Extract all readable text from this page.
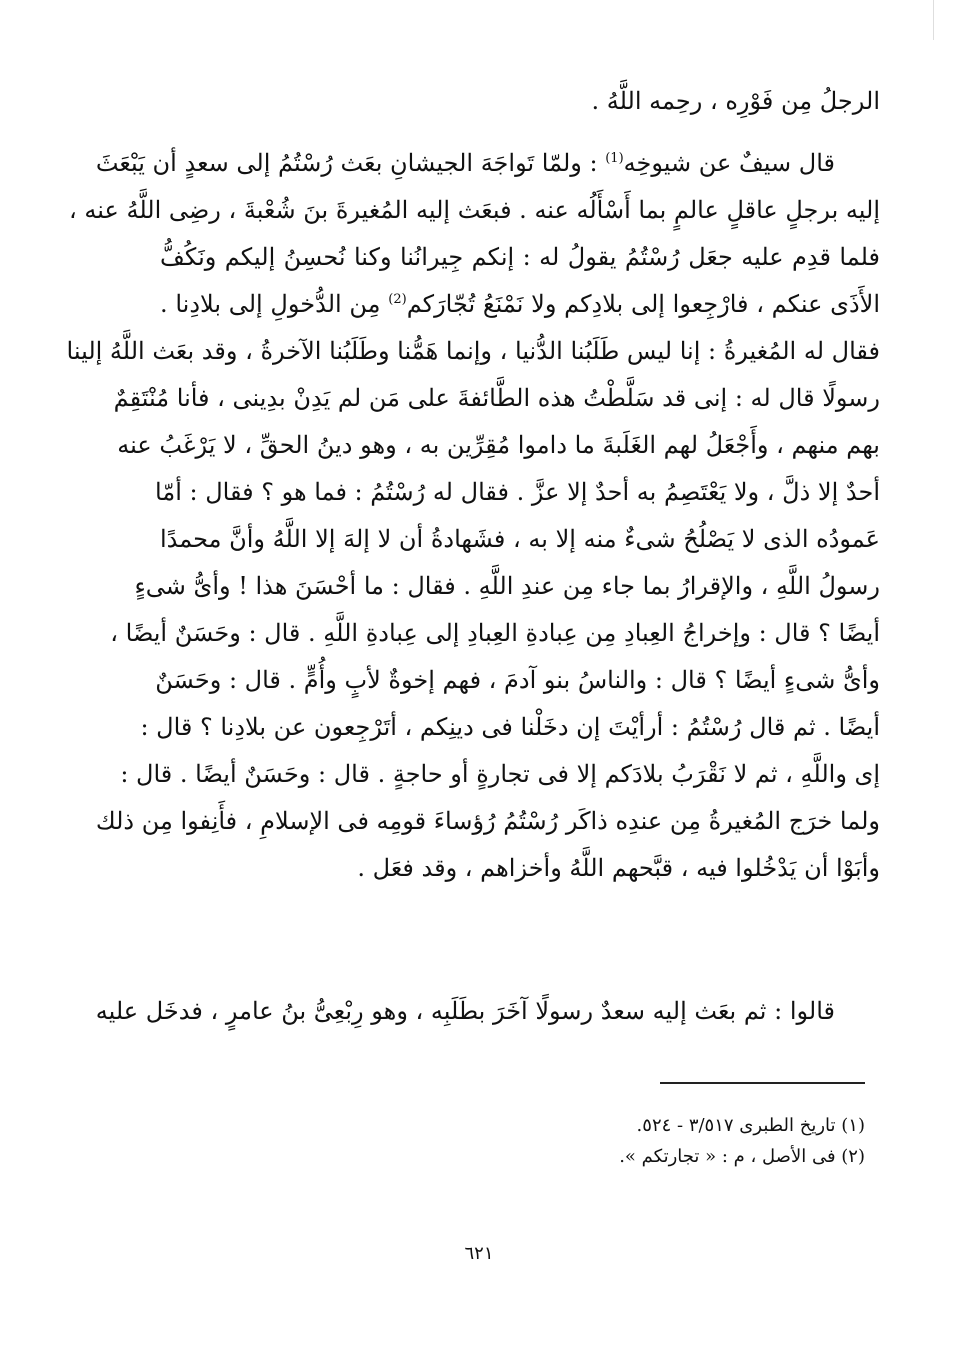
الرجلُ مِن فَوْرِه ، رحِمه اللَّهُ .
قال سيفٌ عن شيوخِه$^{(1)}$ : ولمّا تَواجَهَ الجيشانِ بعَث رُسْتُمُ إلى سعدٍ أن يَبْعَثَ
إليه برجلٍ عاقلٍ عالمٍ بما أَسْأَلُه عنه . فبعَث إليه المُغيرةَ بنَ شُعْبةَ ، رضِى اللَّهُ عنه ،
فلما قدِم عليه جعَل رُسْتُمُ يقولُ له : إنكم جِيرانُنا وكنا نُحسِنُ إليكم ونَكُفُّ
الأَذَى عنكم ، فارْجِعوا إلى بلادِكم ولا نَمْنَعُ تُجّارَكم$^{(2)}$ مِن الدُّخولِ إلى بلادِنا .
فقال له المُغيرةُ : إنا ليس طَلَبُنا الدُّنيا ، وإنما هَمُّنا وطَلَبُنا الآخرةُ ، وقد بعَث اللَّهُ إلينا
رسولًا قال له : إنى قد سَلَّطْتُ هذه الطَّائفةَ على مَن لم يَدِنْ بدِينى ، فأنا مُنْتَقِمٌ
بهم منهم ، وأَجْعَلُ لهم الغَلَبةَ ما داموا مُقِرِّين به ، وهو دينُ الحقِّ ، لا يَرْغَبُ عنه
أحدٌ إلا ذلَّ ، ولا يَعْتَصِمُ به أحدٌ إلا عزَّ . فقال له رُسْتُمُ : فما هو ؟ فقال : أمّا
عَمودُه الذى لا يَصْلُحُ شىءٌ منه إلا به ، فشَهادةُ أن لا إلهَ إلا اللَّهُ وأنَّ محمدًا
رسولُ اللَّهِ ، والإقرارُ بما جاء مِن عندِ اللَّهِ . فقال : ما أحْسَنَ هذا ! وأىُّ شىءٍ
أيضًا ؟ قال : وإخراجُ العِبادِ مِن عِبادةِ العِبادِ إلى عِبادةِ اللَّهِ . قال : وحَسَنٌ أيضًا ،
وأىُّ شىءٍ أيضًا ؟ قال : والناسُ بنو آدمَ ، فهم إخوةٌ لأبٍ وأُمٍّ . قال : وحَسَنٌ
أيضًا . ثم قال رُسْتُمُ : أرأيْتَ إن دخَلْنا فى دينِكم ، أتَرْجِعون عن بلادِنا ؟ قال :
إى واللَّهِ ، ثم لا نَقْرَبُ بلادَكم إلا فى تجارةٍ أو حاجةٍ . قال : وحَسَنٌ أيضًا . قال :
ولما خرَج المُغيرةُ مِن عندِه ذاكَر رُسْتُمُ رُؤساءَ قومِه فى الإسلامِ ، فأَنِفوا مِن ذلك
وأبَوْا أن يَدْخُلوا فيه ، قبَّحهم اللَّهُ وأخزاهم ، وقد فعَل .
قالوا : ثم بعَث إليه سعدٌ رسولًا آخَرَ بطَلَبِه ، وهو رِبْعِىُّ بنُ عامرٍ ، فدخَل عليه
(١) تاريخ الطبرى ٣/٥١٧ - ٥٢٤.
(٢) فى الأصل ، م : « تجارتكم ».
٦٢١
